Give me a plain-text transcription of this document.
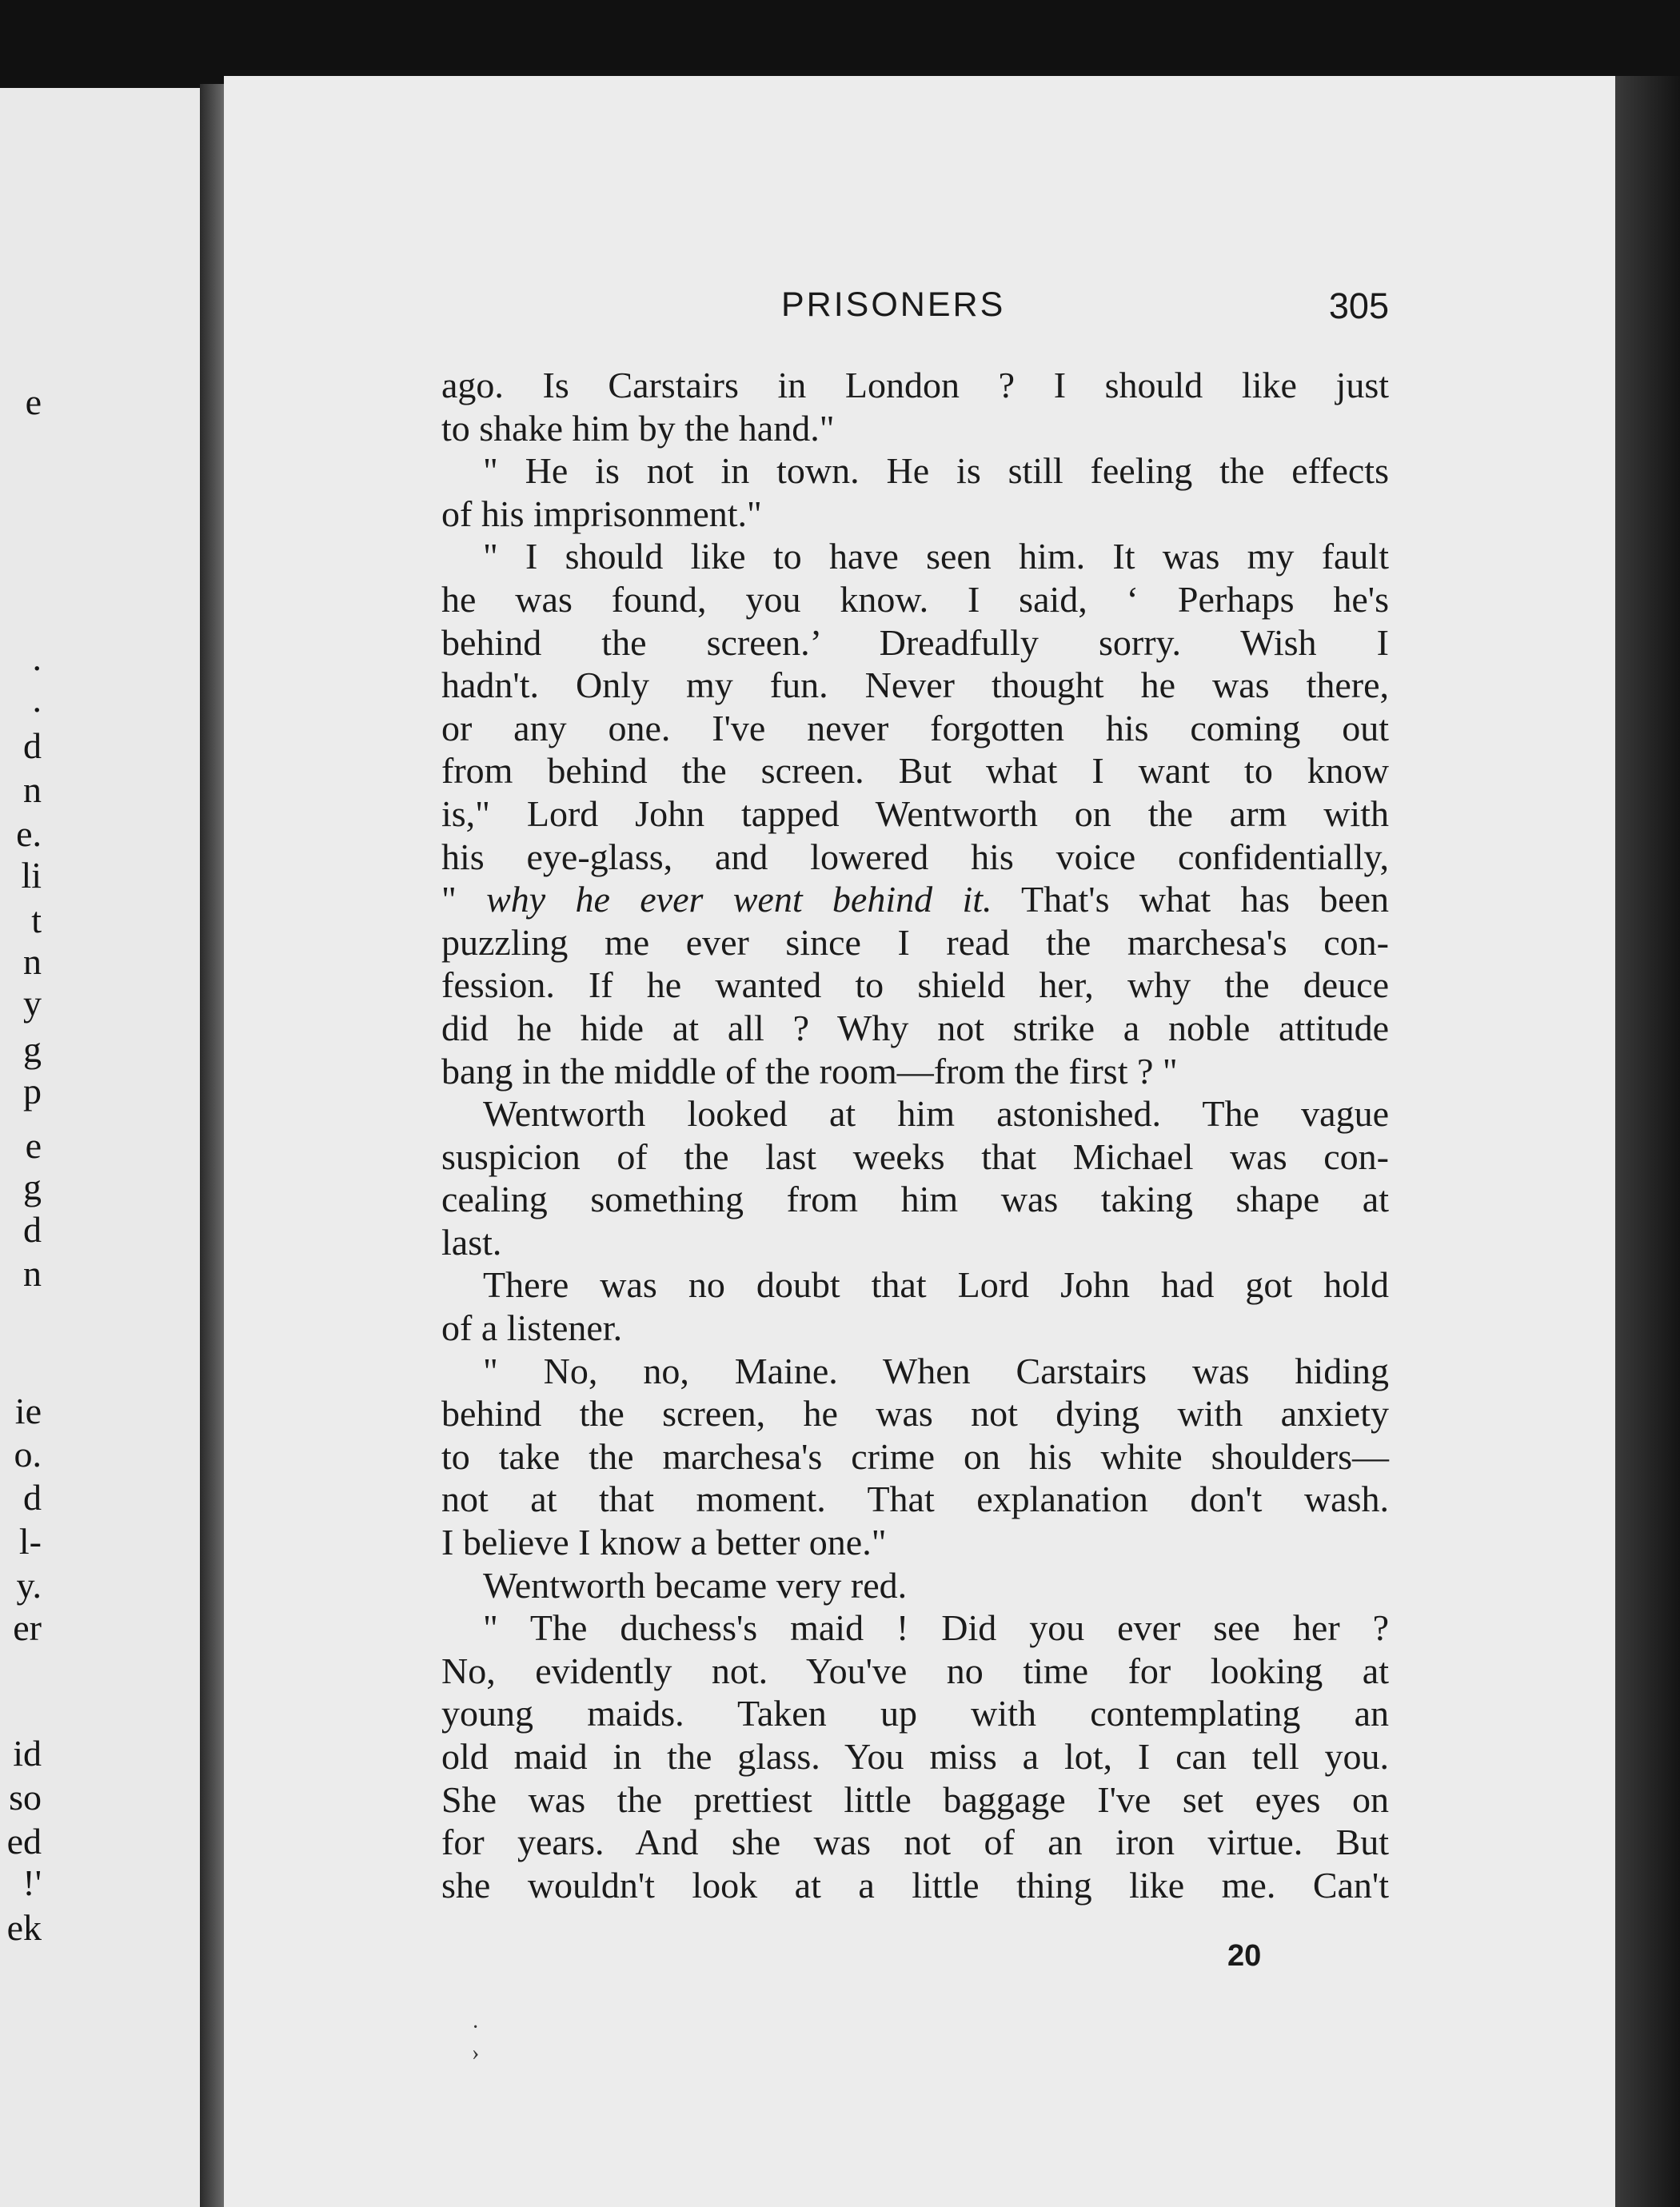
e
.
.
d
n
e.
li
t
n
y
g
p
e
g
d
n
ie
o.
d
l-
y.
er
id
so
ed
!'
ek
PRISONERS	305
ago. Is Carstairs in London ? I should like just
to shake him by the hand."
" He is not in town. He is still feeling the effects
of his imprisonment."
" I should like to have seen him. It was my fault
he was found, you know. I said, ‘ Perhaps he's
behind the screen.’ Dreadfully sorry. Wish I
hadn't. Only my fun. Never thought he was there,
or any one. I've never forgotten his coming out
from behind the screen. But what I want to know
is," Lord John tapped Wentworth on the arm with
his eye-glass, and lowered his voice confidentially,
" why he ever went behind it. That's what has been
puzzling me ever since I read the marchesa's con-
fession. If he wanted to shield her, why the deuce
did he hide at all ? Why not strike a noble attitude
bang in the middle of the room—from the first ? "
Wentworth looked at him astonished. The vague
suspicion of the last weeks that Michael was con-
cealing something from him was taking shape at
last.
There was no doubt that Lord John had got hold
of a listener.
" No, no, Maine. When Carstairs was hiding
behind the screen, he was not dying with anxiety
to take the marchesa's crime on his white shoulders—
not at that moment. That explanation don't wash.
I believe I know a better one."
Wentworth became very red.
" The duchess's maid ! Did you ever see her ?
No, evidently not. You've no time for looking at
young maids. Taken up with contemplating an
old maid in the glass. You miss a lot, I can tell you.
She was the prettiest little baggage I've set eyes on
for years. And she was not of an iron virtue. But
she wouldn't look at a little thing like me. Can't
20
·
›
